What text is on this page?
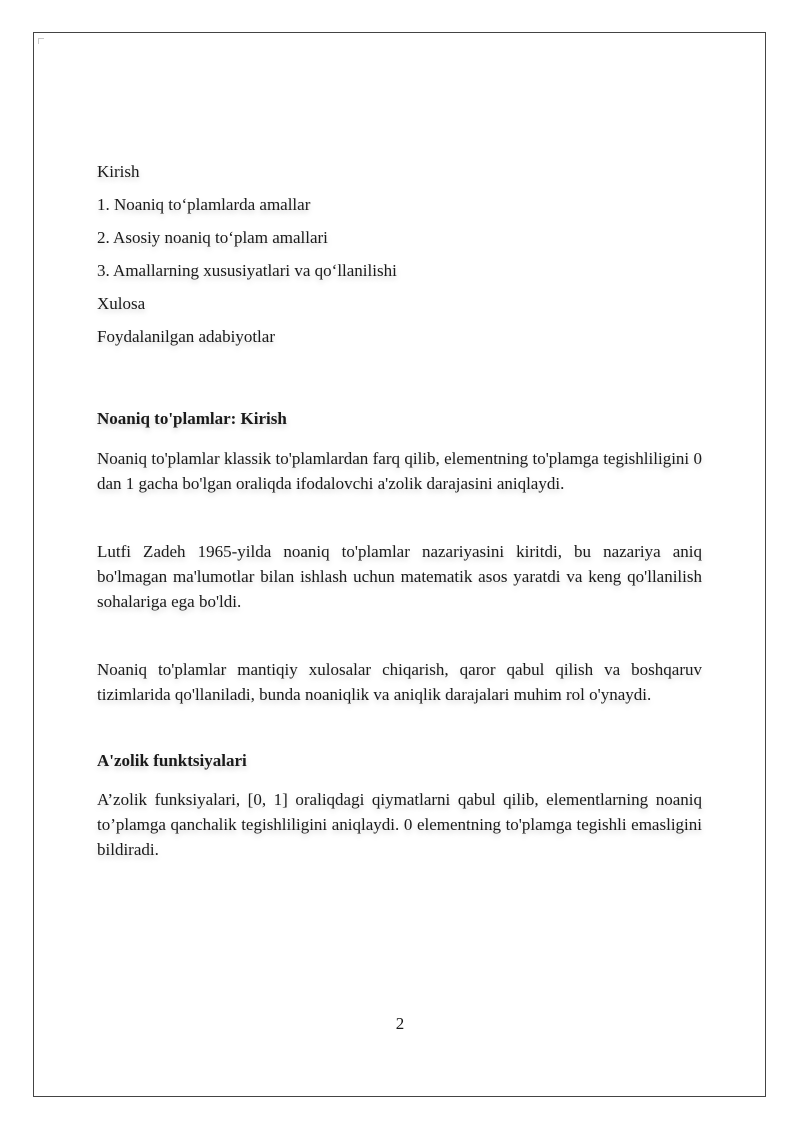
Kirish
1. Noaniq to‘plamlarda amallar
2. Asosiy noaniq to‘plam amallari
3. Amallarning xususiyatlari va qo‘llanilishi
Xulosa
Foydalanilgan adabiyotlar
Noaniq to'plamlar: Kirish
Noaniq to'plamlar klassik to'plamlardan farq qilib, elementning to'plamga tegishliligini 0 dan 1 gacha bo'lgan oraliqda ifodalovchi a'zolik darajasini aniqlaydi.
Lutfi Zadeh 1965-yilda noaniq to'plamlar nazariyasini kiritdi, bu nazariya aniq bo'lmagan ma'lumotlar bilan ishlash uchun matematik asos yaratdi va keng qo'llanilish sohalariga ega bo'ldi.
Noaniq to'plamlar mantiqiy xulosalar chiqarish, qaror qabul qilish va boshqaruv tizimlarida qo'llaniladi, bunda noaniqlik va aniqlik darajalari muhim rol o'ynaydi.
A'zolik funktsiyalari
A’zolik funksiyalari, [0, 1] oraliqdagi qiymatlarni qabul qilib, elementlarning noaniq to’plamga qanchalik tegishliligini aniqlaydi. 0 elementning to'plamga tegishli emasligini bildiradi.
2
